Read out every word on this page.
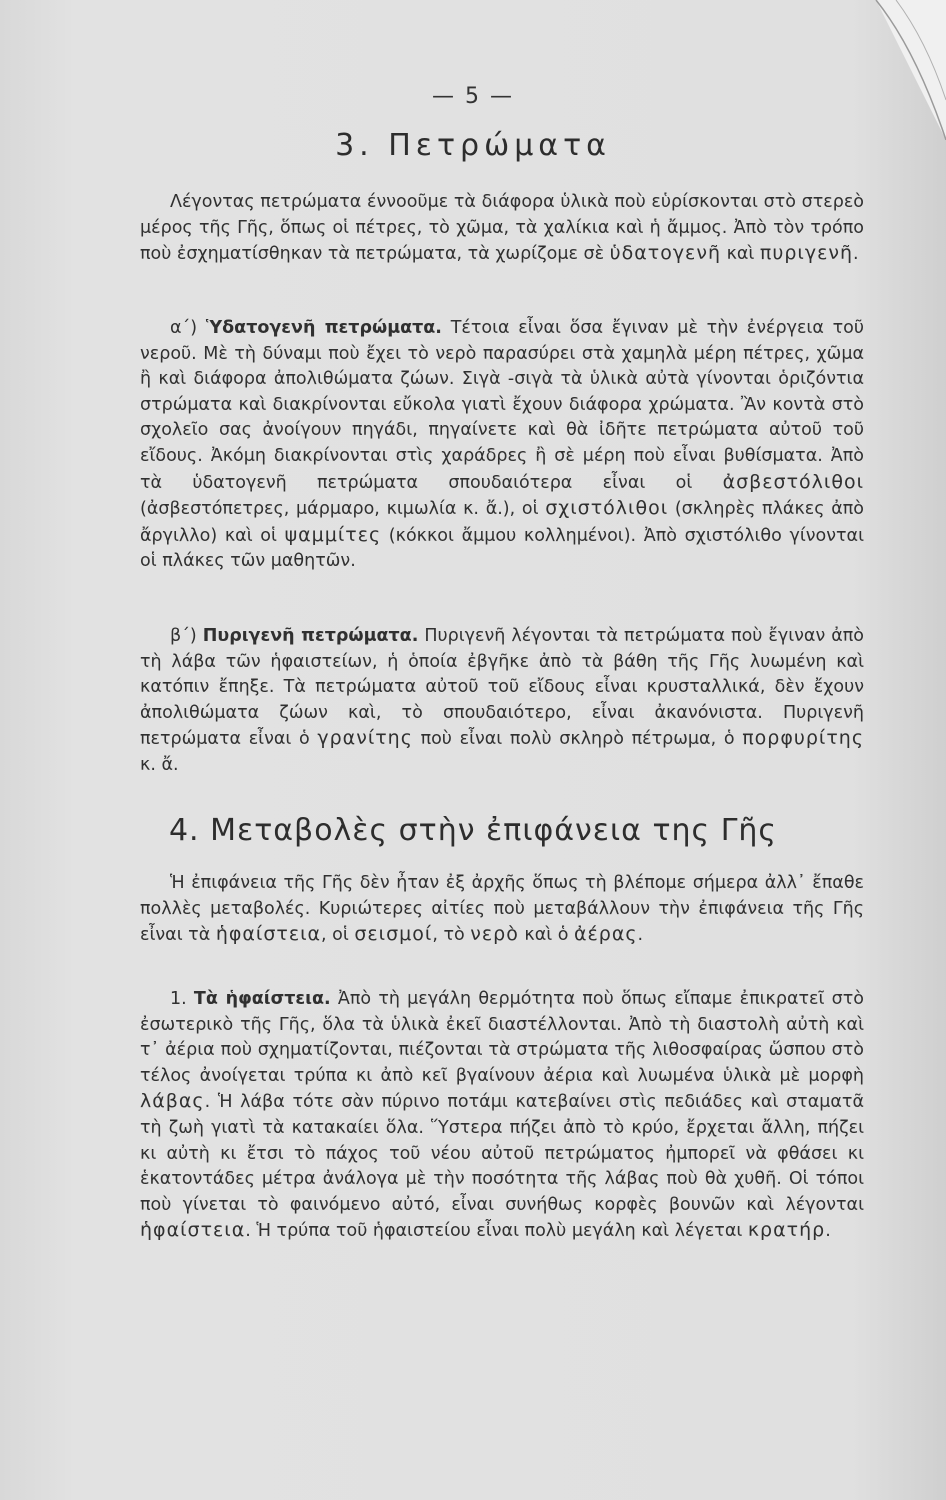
— 5 —
3. Πετρώματα

Λέγοντας πετρώματα έννοοῦμε τὰ διάφορα ὑλικὰ ποὺ εὑρίσκονται στὸ στερεὸ μέρος τῆς Γῆς, ὅπως οἱ πέτρες, τὸ χῶμα, τὰ χαλίκια καὶ ἡ ἄμμος. Ἀπὸ τὸν τρόπο ποὺ ἐσχηματίσθηκαν τὰ πετρώματα, τὰ χωρίζομε σὲ ὑδατογενῆ καὶ πυριγενῆ.

α΄) Ὑδατογενῆ πετρώματα. Τέτοια εἶναι ὅσα ἔγιναν μὲ τὴν ἐνέργεια τοῦ νεροῦ. Μὲ τὴ δύναμι ποὺ ἔχει τὸ νερὸ παρασύρει στὰ χαμηλὰ μέρη πέτρες, χῶμα ἢ καὶ διάφορα ἀπολιθώματα ζώων. Σιγὰ -σιγὰ τὰ ὑλικὰ αὐτὰ γίνονται ὁριζόντια στρώματα καὶ διακρίνονται εὔκολα γιατὶ ἔχουν διάφορα χρώματα. Ἂν κοντὰ στὸ σχολεῖο σας ἀνοίγουν πηγάδι, πηγαίνετε καὶ θὰ ἰδῆτε πετρώματα αὐτοῦ τοῦ εἴδους. Ἀκόμη διακρίνονται στὶς χαράδρες ἢ σὲ μέρη ποὺ εἶναι βυθίσματα. Ἀπὸ τὰ ὑδατογενῆ πετρώματα σπουδαιότερα εἶναι οἱ ἀσβεστόλιθοι (ἀσβεστόπετρες, μάρμαρο, κιμωλία κ. ἄ.), οἱ σχιστόλιθοι (σκληρὲς πλάκες ἀπὸ ἄργιλλο) καὶ οἱ ψαμμίτες (κόκκοι ἄμμου κολλημένοι). Ἀπὸ σχιστόλιθο γίνονται οἱ πλάκες τῶν μαθητῶν.

β΄) Πυριγενῆ πετρώματα. Πυριγενῆ λέγονται τὰ πετρώματα ποὺ ἔγιναν ἀπὸ τὴ λάβα τῶν ἡφαιστείων, ἡ ὁποία ἐβγῆκε ἀπὸ τὰ βάθη τῆς Γῆς λυωμένη καὶ κατόπιν ἔπηξε. Τὰ πετρώματα αὐτοῦ τοῦ εἴδους εἶναι κρυσταλλικά, δὲν ἔχουν ἀπολιθώματα ζώων καὶ, τὸ σπουδαιότερο, εἶναι ἀκανόνιστα. Πυριγενῆ πετρώματα εἶναι ὁ γρανίτης ποὺ εἶναι πολὺ σκληρὸ πέτρωμα, ὁ πορφυρίτης κ. ἄ.

4. Μεταβολὲς στὴν ἐπιφάνεια της Γῆς

Ἡ ἐπιφάνεια τῆς Γῆς δὲν ἦταν ἐξ ἀρχῆς ὅπως τὴ βλέπομε σήμερα ἀλλ᾽ ἔπαθε πολλὲς μεταβολές. Κυριώτερες αἰτίες ποὺ μεταβάλλουν τὴν ἐπιφάνεια τῆς Γῆς εἶναι τὰ ἡφαίστεια, οἱ σεισμοί, τὸ νερὸ καὶ ὁ ἀέρας.

1. Τὰ ἡφαίστεια. Ἀπὸ τὴ μεγάλη θερμότητα ποὺ ὅπως εἴπαμε ἐπικρατεῖ στὸ ἐσωτερικὸ τῆς Γῆς, ὅλα τὰ ὑλικὰ ἐκεῖ διαστέλλονται. Ἀπὸ τὴ διαστολὴ αὐτὴ καὶ τ᾽ ἀέρια ποὺ σχηματίζονται, πιέζονται τὰ στρώματα τῆς λιθοσφαίρας ὥσπου στὸ τέλος ἀνοίγεται τρύπα κι ἀπὸ κεῖ βγαίνουν ἀέρια καὶ λυωμένα ὑλικὰ μὲ μορφὴ λάβας. Ἡ λάβα τότε σὰν πύρινο ποτάμι κατεβαίνει στὶς πεδιάδες καὶ σταματᾶ τὴ ζωὴ γιατὶ τὰ κατακαίει ὅλα. Ὕστερα πήζει ἀπὸ τὸ κρύο, ἔρχεται ἄλλη, πήζει κι αὐτὴ κι ἔτσι τὸ πάχος τοῦ νέου αὐτοῦ πετρώματος ἠμπορεῖ νὰ φθάσει κι ἑκατοντάδες μέτρα ἀνάλογα μὲ τὴν ποσότητα τῆς λάβας ποὺ θὰ χυθῆ. Οἱ τόποι ποὺ γίνεται τὸ φαινόμενο αὐτό, εἶναι συνήθως κορφὲς βουνῶν καὶ λέγονται ἡφαίστεια. Ἡ τρύπα τοῦ ἡφαιστείου εἶναι πολὺ μεγάλη καὶ λέγεται κρατήρ.
